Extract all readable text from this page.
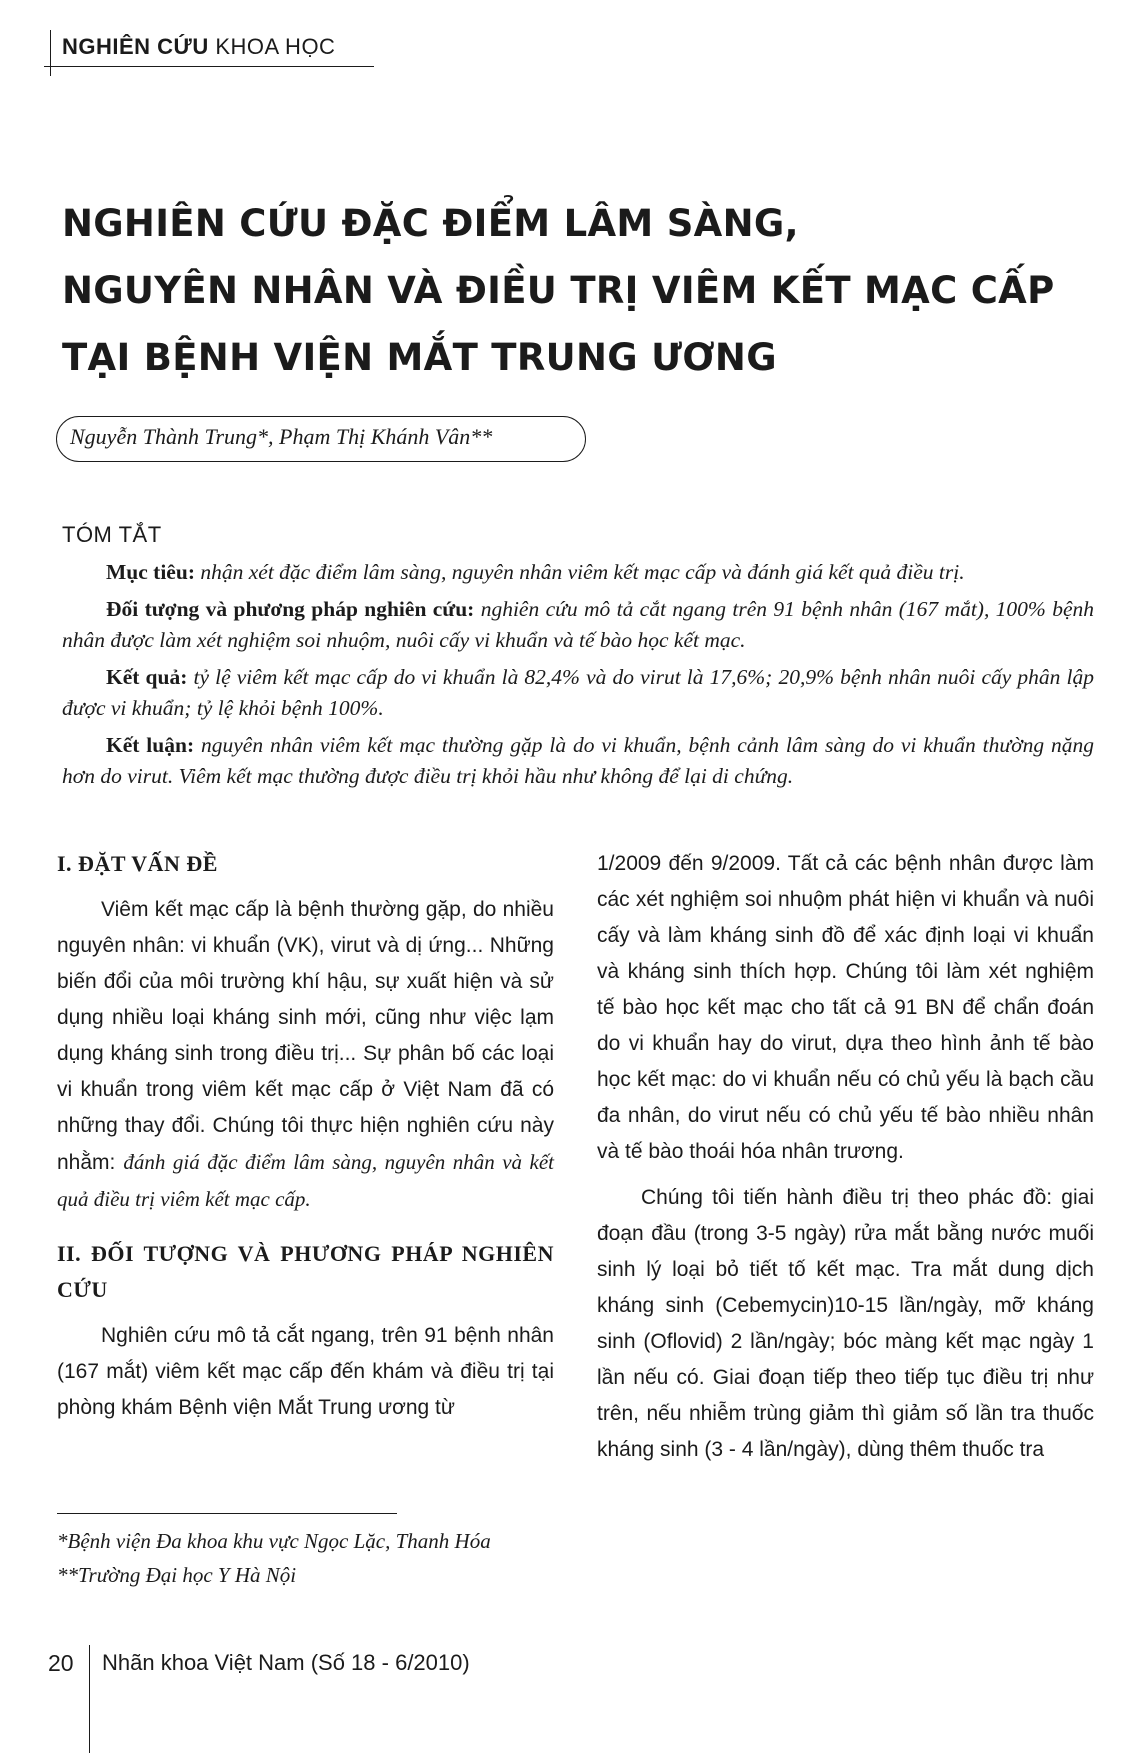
NGHIÊN CỨU KHOA HỌC
NGHIÊN CỨU ĐẶC ĐIỂM LÂM SÀNG,
NGUYÊN NHÂN VÀ ĐIỀU TRỊ VIÊM KẾT MẠC CẤP
TẠI BỆNH VIỆN MẮT TRUNG ƯƠNG
Nguyễn Thành Trung*, Phạm Thị Khánh Vân**
TÓM TẮT

Mục tiêu: nhận xét đặc điểm lâm sàng, nguyên nhân viêm kết mạc cấp và đánh giá kết quả điều trị.

Đối tượng và phương pháp nghiên cứu: nghiên cứu mô tả cắt ngang trên 91 bệnh nhân (167 mắt), 100% bệnh nhân được làm xét nghiệm soi nhuộm, nuôi cấy vi khuẩn và tế bào học kết mạc.

Kết quả: tỷ lệ viêm kết mạc cấp do vi khuẩn là 82,4% và do virut là 17,6%; 20,9% bệnh nhân nuôi cấy phân lập được vi khuẩn; tỷ lệ khỏi bệnh 100%.

Kết luận: nguyên nhân viêm kết mạc thường gặp là do vi khuẩn, bệnh cảnh lâm sàng do vi khuẩn thường nặng hơn do virut. Viêm kết mạc thường được điều trị khỏi hầu như không để lại di chứng.

I. ĐẶT VẤN ĐỀ

Viêm kết mạc cấp là bệnh thường gặp, do nhiều nguyên nhân: vi khuẩn (VK), virut và dị ứng... Những biến đổi của môi trường khí hậu, sự xuất hiện và sử dụng nhiều loại kháng sinh mới, cũng như việc lạm dụng kháng sinh trong điều trị... Sự phân bố các loại vi khuẩn trong viêm kết mạc cấp ở Việt Nam đã có những thay đổi. Chúng tôi thực hiện nghiên cứu này nhằm: đánh giá đặc điểm lâm sàng, nguyên nhân và kết quả điều trị viêm kết mạc cấp.

II. ĐỐI TƯỢNG VÀ PHƯƠNG PHÁP NGHIÊN CỨU

Nghiên cứu mô tả cắt ngang, trên 91 bệnh nhân (167 mắt) viêm kết mạc cấp đến khám và điều trị tại phòng khám Bệnh viện Mắt Trung ương từ

1/2009 đến 9/2009. Tất cả các bệnh nhân được làm các xét nghiệm soi nhuộm phát hiện vi khuẩn và nuôi cấy và làm kháng sinh đồ để xác định loại vi khuẩn và kháng sinh thích hợp. Chúng tôi làm xét nghiệm tế bào học kết mạc cho tất cả 91 BN để chẩn đoán do vi khuẩn hay do virut, dựa theo hình ảnh tế bào học kết mạc: do vi khuẩn nếu có chủ yếu là bạch cầu đa nhân, do virut nếu có chủ yếu tế bào nhiều nhân và tế bào thoái hóa nhân trương.

Chúng tôi tiến hành điều trị theo phác đồ: giai đoạn đầu (trong 3-5 ngày) rửa mắt bằng nước muối sinh lý loại bỏ tiết tố kết mạc. Tra mắt dung dịch kháng sinh (Cebemycin)10-15 lần/ngày, mỡ kháng sinh (Oflovid) 2 lần/ngày; bóc màng kết mạc ngày 1 lần nếu có. Giai đoạn tiếp theo tiếp tục điều trị như trên, nếu nhiễm trùng giảm thì giảm số lần tra thuốc kháng sinh (3 - 4 lần/ngày), dùng thêm thuốc tra

*Bệnh viện Đa khoa khu vực Ngọc Lặc, Thanh Hóa
**Trường Đại học Y Hà Nội
20 Nhãn khoa Việt Nam (Số 18 - 6/2010)
